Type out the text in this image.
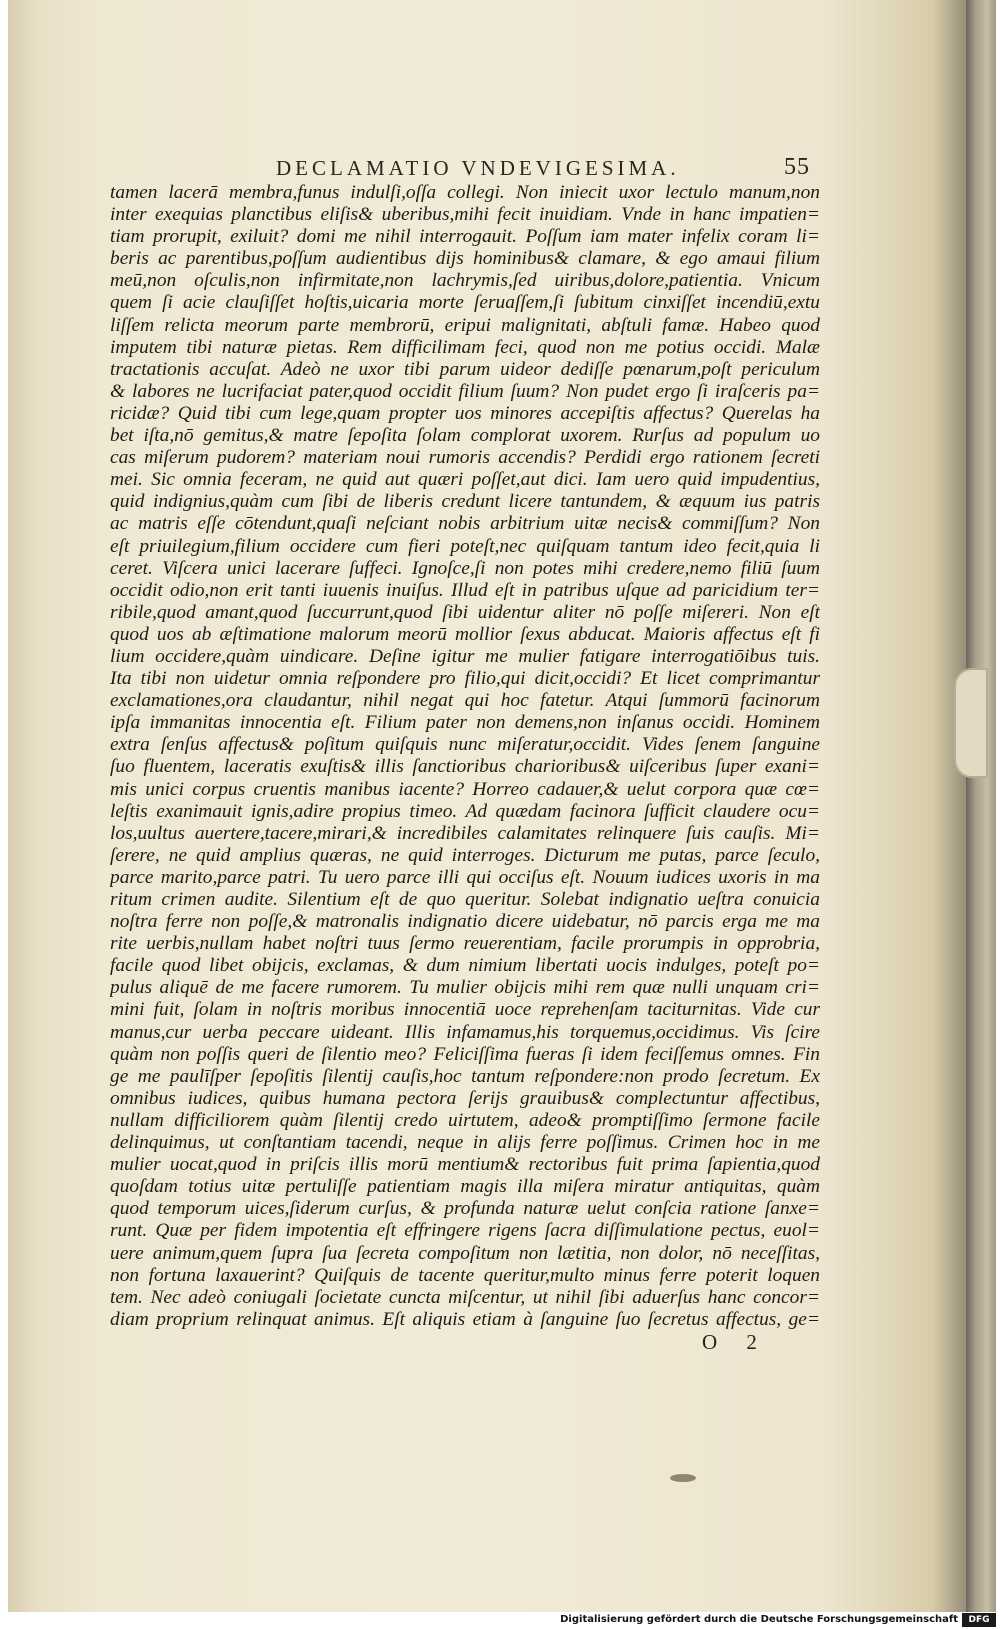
DECLAMATIO VNDEVIGESIMA.	55
tamen lacerā membra,funus indulſi,oſſa collegi. Non iniecit uxor lectulo manum,non
inter exequias planctibus eliſis& uberibus,mihi fecit inuidiam. Vnde in hanc impatien=
tiam prorupit, exiluit? domi me nihil interrogauit. Poſſum iam mater infelix coram li=
beris ac parentibus,poſſum audientibus dijs hominibus& clamare, & ego amaui filium
meū,non oſculis,non infirmitate,non lachrymis,ſed uiribus,dolore,patientia. Vnicum
quem ſi acie clauſiſſet hoſtis,uicaria morte ſeruaſſem,ſi ſubitum cinxiſſet incendiū,extu
liſſem relicta meorum parte membrorū, eripui malignitati, abſtuli famæ. Habeo quod
imputem tibi naturæ pietas. Rem difficilimam feci, quod non me potius occidi. Malæ
tractationis accuſat. Adeò ne uxor tibi parum uideor dediſſe pœnarum,poſt periculum
& labores ne lucrifaciat pater,quod occidit filium ſuum? Non pudet ergo ſi iraſceris pa=
ricidæ? Quid tibi cum lege,quam propter uos minores accepiſtis affectus? Querelas ha
bet iſta,nō gemitus,& matre ſepoſita ſolam complorat uxorem. Rurſus ad populum uo
cas miſerum pudorem? materiam noui rumoris accendis? Perdidi ergo rationem ſecreti
mei. Sic omnia feceram, ne quid aut quæri poſſet,aut dici. Iam uero quid impudentius,
quid indignius,quàm cum ſibi de liberis credunt licere tantundem, & æquum ius patris
ac matris eſſe cōtendunt,quaſi neſciant nobis arbitrium uitæ necis& commiſſum? Non
eſt priuilegium,filium occidere cum fieri poteſt,nec quiſquam tantum ideo fecit,quia li
ceret. Viſcera unici lacerare ſuffeci. Ignoſce,ſi non potes mihi credere,nemo filiū ſuum
occidit odio,non erit tanti iuuenis inuiſus. Illud eſt in patribus uſque ad paricidium ter=
ribile,quod amant,quod ſuccurrunt,quod ſibi uidentur aliter nō poſſe miſereri. Non eſt
quod uos ab æſtimatione malorum meorū mollior ſexus abducat. Maioris affectus eſt fi
lium occidere,quàm uindicare. Deſine igitur me mulier fatigare interrogatiōibus tuis.
Ita tibi non uidetur omnia reſpondere pro filio,qui dicit,occidi? Et licet comprimantur
exclamationes,ora claudantur, nihil negat qui hoc fatetur. Atqui ſummorū facinorum
ipſa immanitas innocentia eſt. Filium pater non demens,non inſanus occidi. Hominem
extra ſenſus affectus& poſitum quiſquis nunc miſeratur,occidit. Vides ſenem ſanguine
ſuo fluentem, laceratis exuſtis& illis ſanctioribus charioribus& uiſceribus ſuper exani=
mis unici corpus cruentis manibus iacente? Horreo cadauer,& uelut corpora quæ cœ=
leſtis exanimauit ignis,adire propius timeo. Ad quædam facinora ſufficit claudere ocu=
los,uultus auertere,tacere,mirari,& incredibiles calamitates relinquere ſuis cauſis. Mi=
ſerere, ne quid amplius quæras, ne quid interroges. Dicturum me putas, parce ſeculo,
parce marito,parce patri. Tu uero parce illi qui occiſus eſt. Nouum iudices uxoris in ma
ritum crimen audite. Silentium eſt de quo queritur. Solebat indignatio ueſtra conuicia
noſtra ferre non poſſe,& matronalis indignatio dicere uidebatur, nō parcis erga me ma
rite uerbis,nullam habet noſtri tuus ſermo reuerentiam, facile prorumpis in opprobria,
facile quod libet obijcis, exclamas, & dum nimium libertati uocis indulges, poteſt po=
pulus aliquē de me facere rumorem. Tu mulier obijcis mihi rem quæ nulli unquam cri=
mini fuit, ſolam in noſtris moribus innocentiā uoce reprehenſam taciturnitas. Vide cur
manus,cur uerba peccare uideant. Illis infamamus,his torquemus,occidimus. Vis ſcire
quàm non poſſis queri de ſilentio meo? Feliciſſima fueras ſi idem feciſſemus omnes. Fin
ge me paulīſper ſepoſitis ſilentij cauſis,hoc tantum reſpondere:non prodo ſecretum. Ex
omnibus iudices, quibus humana pectora ſerijs grauibus& complectuntur affectibus,
nullam difficiliorem quàm ſilentij credo uirtutem, adeo& promptiſſimo ſermone facile
delinquimus, ut conſtantiam tacendi, neque in alijs ferre poſſimus. Crimen hoc in me
mulier uocat,quod in priſcis illis morū mentium& rectoribus fuit prima ſapientia,quod
quoſdam totius uitæ pertuliſſe patientiam magis illa miſera miratur antiquitas, quàm
quod temporum uices,ſiderum curſus, & profunda naturæ uelut conſcia ratione ſanxe=
runt. Quæ per fidem impotentia eſt effringere rigens ſacra diſſimulatione pectus, euol=
uere animum,quem ſupra ſua ſecreta compoſitum non lætitia, non dolor, nō neceſſitas,
non fortuna laxauerint? Quiſquis de tacente queritur,multo minus ferre poterit loquen
tem. Nec adeò coniugali ſocietate cuncta miſcentur, ut nihil ſibi aduerſus hanc concor=
diam proprium relinquat animus. Eſt aliquis etiam à ſanguine ſuo ſecretus affectus, ge=
O 2
Digitalisierung gefördert durch die Deutsche Forschungsgemeinschaft	DFG
